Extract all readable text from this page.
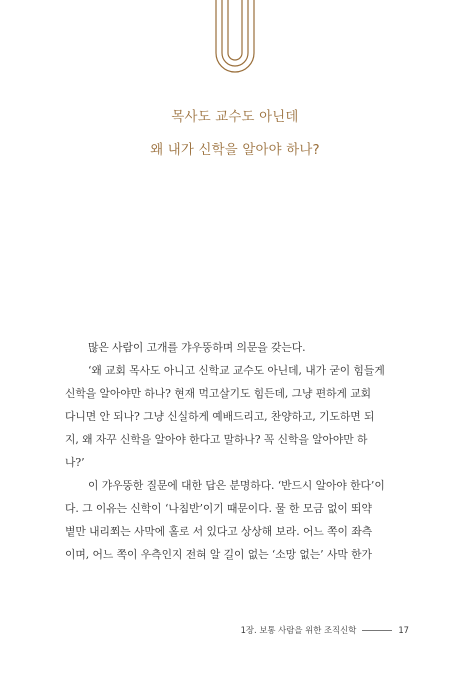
목사도 교수도 아닌데
왜 내가 신학을 알아야 하나?
많은 사람이 고개를 갸우뚱하며 의문을 갖는다.
‘왜 교회 목사도 아니고 신학교 교수도 아닌데, 내가 굳이 힘들게
신학을 알아야만 하나? 현재 먹고살기도 힘든데, 그냥 편하게 교회
다니면 안 되나? 그냥 신실하게 예배드리고, 찬양하고, 기도하면 되
지, 왜 자꾸 신학을 알아야 한다고 말하나? 꼭 신학을 알아야만 하
나?’
이 갸우뚱한 질문에 대한 답은 분명하다. ‘반드시 알아야 한다’이
다. 그 이유는 신학이 ‘나침반’이기 때문이다. 물 한 모금 없이 뙤약
볕만 내리쬐는 사막에 홀로 서 있다고 상상해 보라. 어느 쪽이 좌측
이며, 어느 쪽이 우측인지 전혀 알 길이 없는 ‘소망 없는’ 사막 한가
1장. 보통 사람을 위한 조직신학	17
